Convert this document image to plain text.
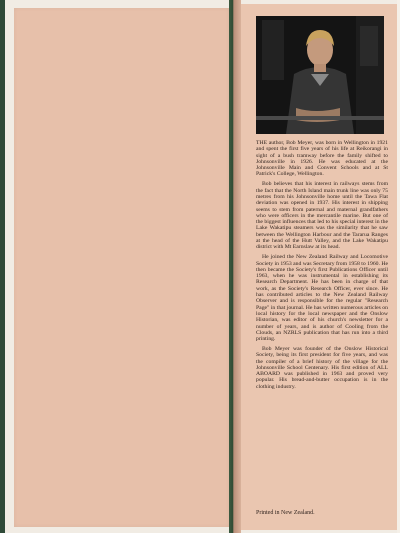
THE author, Bob Meyer, was born in Wellington in 1921 and spent the first five years of his life at Reikorangi in sight of a bush tramway before the family shifted to Johnsonville in 1926. He was educated at the Johnsonville Main and Convent Schools and at St Patrick's College, Wellington.

Bob believes that his interest in railways stems from the fact that the North Island main trunk line was only 75 metres from his Johnsonville home until the Tawa Flat deviation was opened in 1937. His interest in shipping seems to stem from paternal and maternal grandfathers who were officers in the mercantile marine. But one of the biggest influences that led to his special interest in the Lake Wakatipu steamers was the similarity that he saw between the Wellington Harbour and the Tararua Ranges at the head of the Hutt Valley, and the Lake Wakatipu district with Mt Earnslaw at its head.

He joined the New Zealand Railway and Locomotive Society in 1953 and was Secretary from 1958 to 1960. He then became the Society's first Publications Officer until 1963, when he was instrumental in establishing its Research Department. He has been in charge of that work, as the Society's Research Officer, ever since. He has contributed articles to the New Zealand Railway Observer and is responsible for the regular "Research Page" in that journal. He has written numerous articles on local history for the local newspaper and the Onslow Historian, was editor of his church's newsletter for a number of years, and is author of Cooling from the Clouds, an NZRLS publication that has run into a third printing.

Bob Meyer was founder of the Onslow Historical Society, being its first president for five years, and was the compiler of a brief history of the village for the Johnsonville School Centenary. His first edition of ALL ABOARD was published in 1963 and proved very popular. His bread-and-butter occupation is in the clothing industry.

Printed in New Zealand.
